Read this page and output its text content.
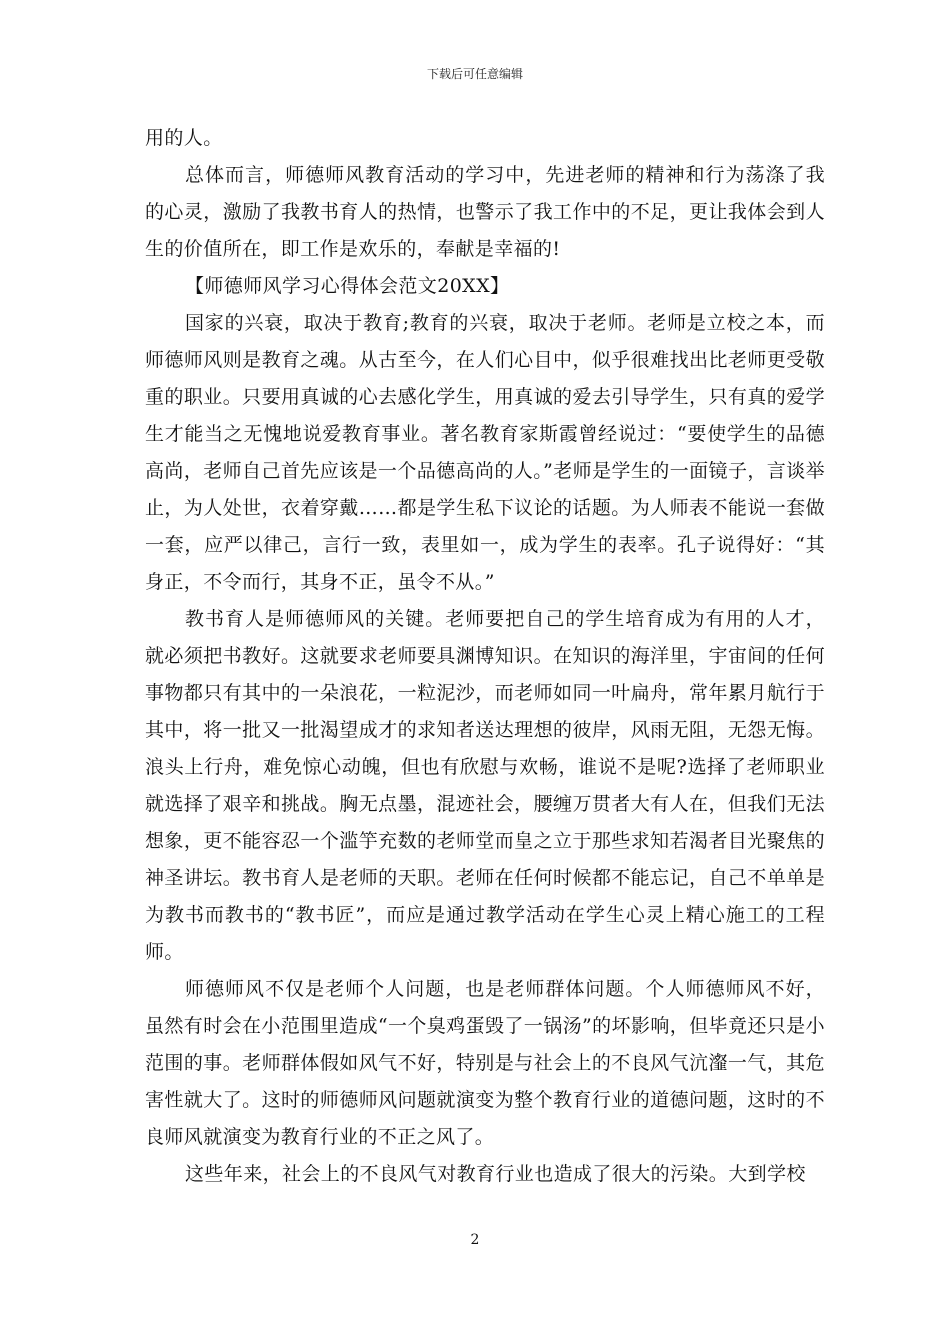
下载后可任意编辑

用的人。

总体而言，师德师风教育活动的学习中，先进老师的精神和行为荡涤了我的心灵，激励了我教书育人的热情，也警示了我工作中的不足，更让我体会到人生的价值所在，即工作是欢乐的，奉献是幸福的!

【师德师风学习心得体会范文20XX】

国家的兴衰，取决于教育;教育的兴衰，取决于老师。老师是立校之本，而师德师风则是教育之魂。从古至今，在人们心目中，似乎很难找出比老师更受敬重的职业。只要用真诚的心去感化学生，用真诚的爱去引导学生，只有真的爱学生才能当之无愧地说爱教育事业。著名教育家斯霞曾经说过：“要使学生的品德高尚，老师自己首先应该是一个品德高尚的人。”老师是学生的一面镜子，言谈举止，为人处世，衣着穿戴……都是学生私下议论的话题。为人师表不能说一套做一套，应严以律己，言行一致，表里如一，成为学生的表率。孔子说得好：“其身正，不令而行，其身不正，虽令不从。”

教书育人是师德师风的关键。老师要把自己的学生培育成为有用的人才，就必须把书教好。这就要求老师要具渊博知识。在知识的海洋里，宇宙间的任何事物都只有其中的一朵浪花，一粒泥沙，而老师如同一叶扁舟，常年累月航行于其中，将一批又一批渴望成才的求知者送达理想的彼岸，风雨无阻，无怨无悔。浪头上行舟，难免惊心动魄，但也有欣慰与欢畅，谁说不是呢?选择了老师职业就选择了艰辛和挑战。胸无点墨，混迹社会，腰缠万贯者大有人在，但我们无法想象，更不能容忍一个滥竽充数的老师堂而皇之立于那些求知若渴者目光聚焦的神圣讲坛。教书育人是老师的天职。老师在任何时候都不能忘记，自己不单单是为教书而教书的“教书匠”，而应是通过教学活动在学生心灵上精心施工的工程师。

师德师风不仅是老师个人问题，也是老师群体问题。个人师德师风不好，虽然有时会在小范围里造成“一个臭鸡蛋毁了一锅汤”的坏影响，但毕竟还只是小范围的事。老师群体假如风气不好，特别是与社会上的不良风气沆瀣一气，其危害性就大了。这时的师德师风问题就演变为整个教育行业的道德问题，这时的不良师风就演变为教育行业的不正之风了。

这些年来，社会上的不良风气对教育行业也造成了很大的污染。大到学校

2
